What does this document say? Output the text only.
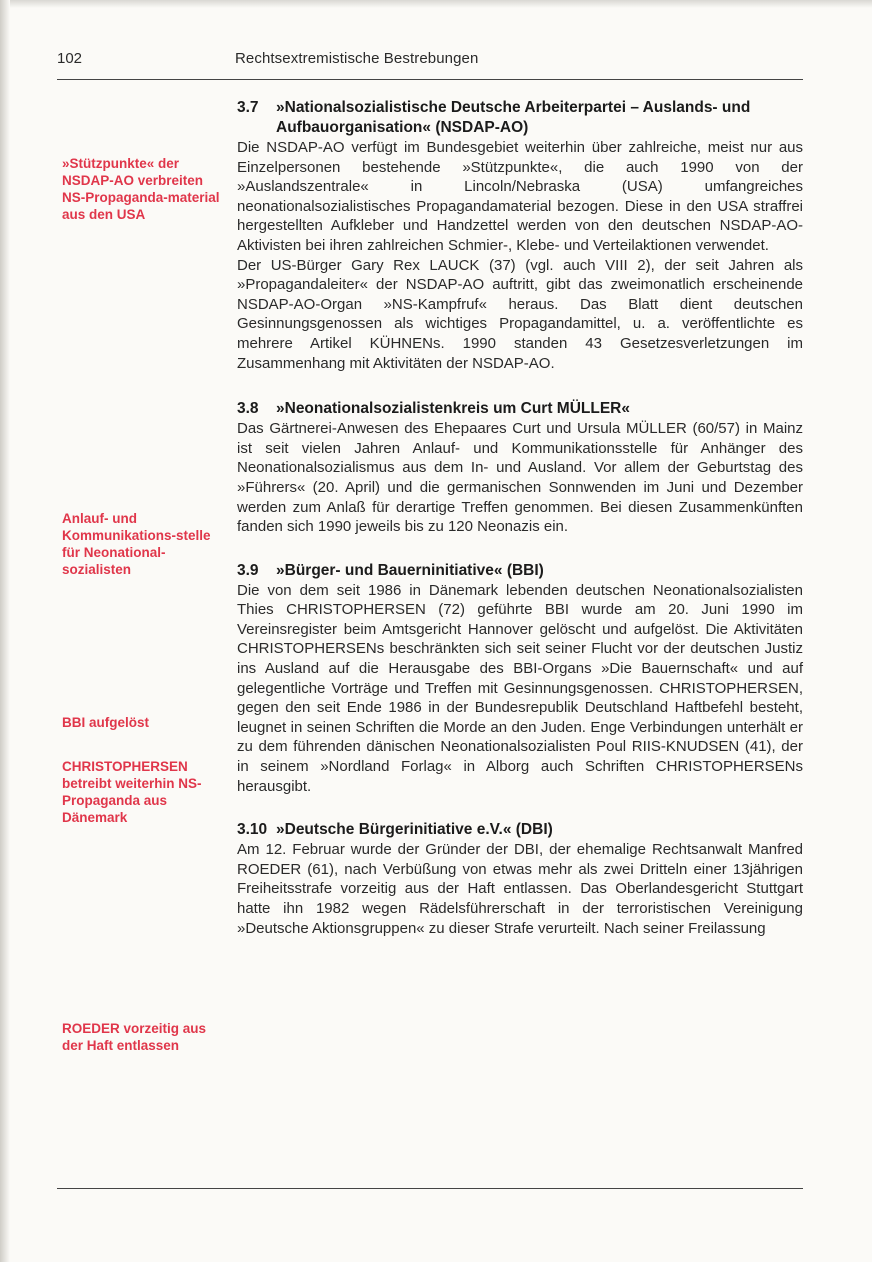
102	Rechtsextremistische Bestrebungen
»Stützpunkte« der NSDAP-AO verbreiten NS-Propaganda-material aus den USA
Anlauf- und Kommunikations-stelle für Neonational-sozialisten
BBI aufgelöst
CHRISTOPHERSEN betreibt weiterhin NS-Propaganda aus Dänemark
ROEDER vorzeitig aus der Haft entlassen
3.7 »Nationalsozialistische Deutsche Arbeiterpartei – Auslands- und Aufbauorganisation« (NSDAP-AO)

Die NSDAP-AO verfügt im Bundesgebiet weiterhin über zahlreiche, meist nur aus Einzelpersonen bestehende »Stützpunkte«, die auch 1990 von der »Auslandszentrale« in Lincoln/Nebraska (USA) umfangreiches neonationalsozialistisches Propagandamaterial bezogen. Diese in den USA straffrei hergestellten Aufkleber und Handzettel werden von den deutschen NSDAP-AO-Aktivisten bei ihren zahlreichen Schmier-, Klebe- und Verteilaktionen verwendet.

Der US-Bürger Gary Rex LAUCK (37) (vgl. auch VIII 2), der seit Jahren als »Propagandaleiter« der NSDAP-AO auftritt, gibt das zweimonatlich erscheinende NSDAP-AO-Organ »NS-Kampfruf« heraus. Das Blatt dient deutschen Gesinnungsgenossen als wichtiges Propagandamittel, u. a. veröffentlichte es mehrere Artikel KÜHNENs. 1990 standen 43 Gesetzesverletzungen im Zusammenhang mit Aktivitäten der NSDAP-AO.

3.8 »Neonationalsozialistenkreis um Curt MÜLLER«

Das Gärtnerei-Anwesen des Ehepaares Curt und Ursula MÜLLER (60/57) in Mainz ist seit vielen Jahren Anlauf- und Kommunikationsstelle für Anhänger des Neonationalsozialismus aus dem In- und Ausland. Vor allem der Geburtstag des »Führers« (20. April) und die germanischen Sonnwenden im Juni und Dezember werden zum Anlaß für derartige Treffen genommen. Bei diesen Zusammenkünften fanden sich 1990 jeweils bis zu 120 Neonazis ein.

3.9 »Bürger- und Bauerninitiative« (BBI)

Die von dem seit 1986 in Dänemark lebenden deutschen Neonationalsozialisten Thies CHRISTOPHERSEN (72) geführte BBI wurde am 20. Juni 1990 im Vereinsregister beim Amtsgericht Hannover gelöscht und aufgelöst. Die Aktivitäten CHRISTOPHERSENs beschränkten sich seit seiner Flucht vor der deutschen Justiz ins Ausland auf die Herausgabe des BBI-Organs »Die Bauernschaft« und auf gelegentliche Vorträge und Treffen mit Gesinnungsgenossen. CHRISTOPHERSEN, gegen den seit Ende 1986 in der Bundesrepublik Deutschland Haftbefehl besteht, leugnet in seinen Schriften die Morde an den Juden. Enge Verbindungen unterhält er zu dem führenden dänischen Neonationalsozialisten Poul RIIS-KNUDSEN (41), der in seinem »Nordland Forlag« in Alborg auch Schriften CHRISTOPHERSENs herausgibt.

3.10 »Deutsche Bürgerinitiative e.V.« (DBI)

Am 12. Februar wurde der Gründer der DBI, der ehemalige Rechtsanwalt Manfred ROEDER (61), nach Verbüßung von etwas mehr als zwei Dritteln einer 13jährigen Freiheitsstrafe vorzeitig aus der Haft entlassen. Das Oberlandesgericht Stuttgart hatte ihn 1982 wegen Rädelsführerschaft in der terroristischen Vereinigung »Deutsche Aktionsgruppen« zu dieser Strafe verurteilt. Nach seiner Freilassung
